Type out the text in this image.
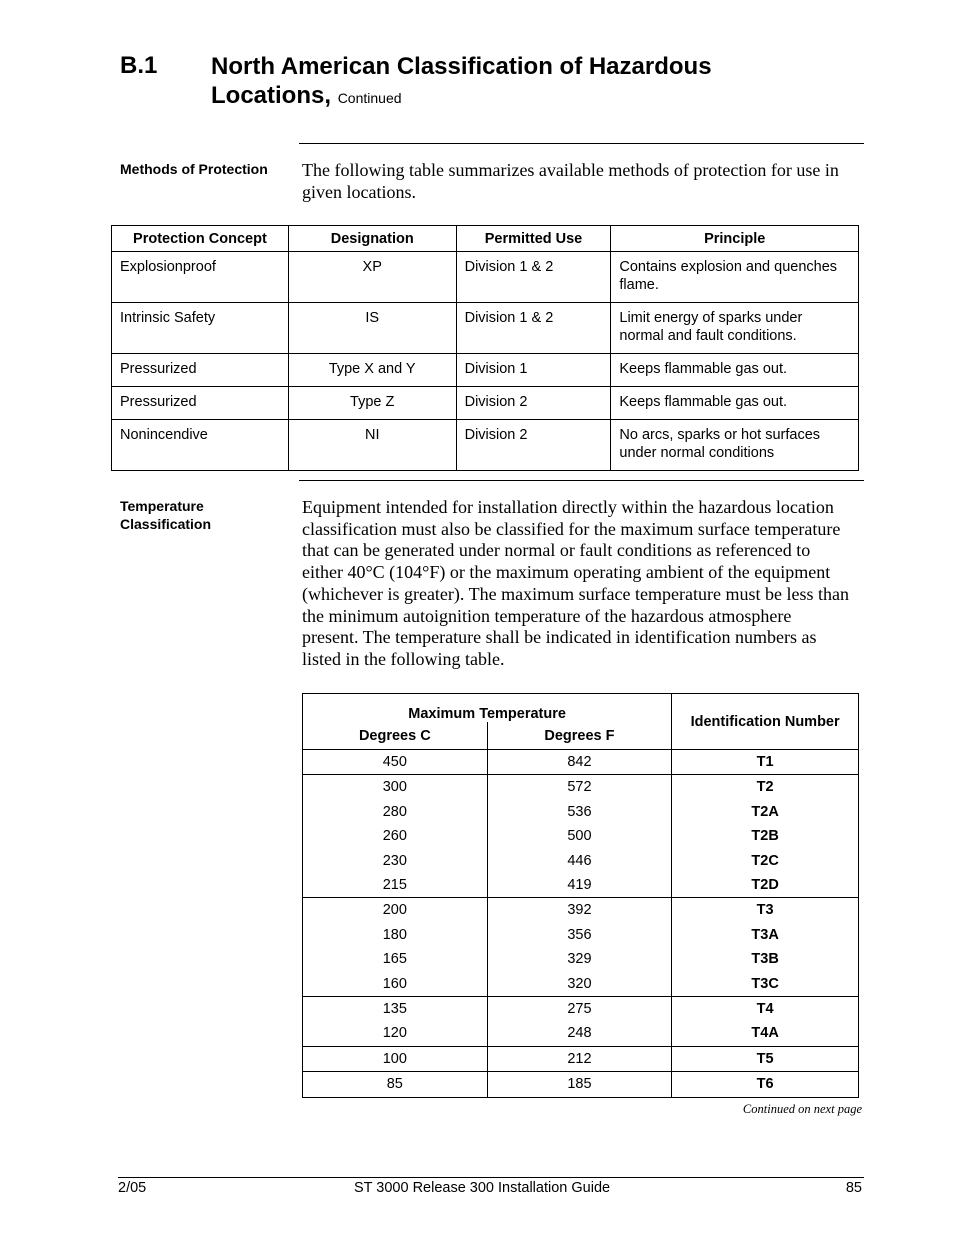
B.1 North American Classification of Hazardous Locations, Continued
Methods of Protection	The following table summarizes available methods of protection for use in given locations.
Protection Concept	Designation	Permitted Use	Principle
Explosionproof	XP	Division 1 & 2	Contains explosion and quenches flame.
Intrinsic Safety	IS	Division 1 & 2	Limit energy of sparks under normal and fault conditions.
Pressurized	Type X and Y	Division 1	Keeps flammable gas out.
Pressurized	Type Z	Division 2	Keeps flammable gas out.
Nonincendive	NI	Division 2	No arcs, sparks or hot surfaces under normal conditions
Temperature Classification
Equipment intended for installation directly within the hazardous location classification must also be classified for the maximum surface temperature that can be generated under normal or fault conditions as referenced to either 40°C (104°F) or the maximum operating ambient of the equipment (whichever is greater). The maximum surface temperature must be less than the minimum autoignition temperature of the hazardous atmosphere present. The temperature shall be indicated in identification numbers as listed in the following table.
Maximum Temperature		Identification Number
Degrees C	Degrees F	
450	842	T1
300	572	T2
280	536	T2A
260	500	T2B
230	446	T2C
215	419	T2D
200	392	T3
180	356	T3A
165	329	T3B
160	320	T3C
135	275	T4
120	248	T4A
100	212	T5
85	185	T6
Continued on next page
2/05	ST 3000 Release 300 Installation Guide	85
